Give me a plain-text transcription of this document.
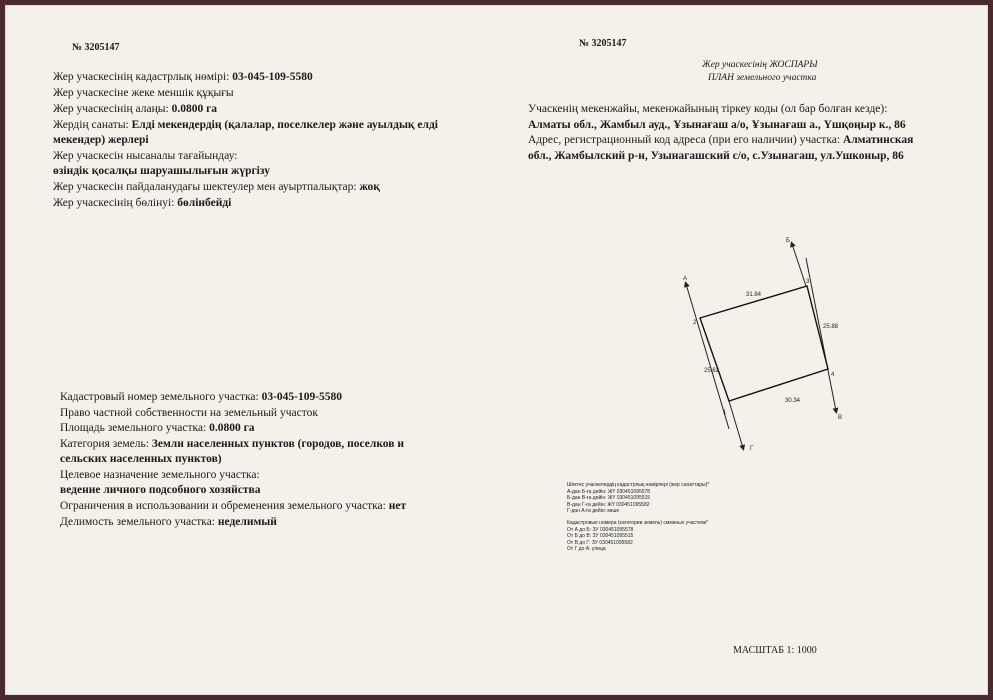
№ 3205147
Жер учаскесінің кадастрлық нөмірі: 03-045-109-5580
Жер учаскесіне жеке меншік құқығы
Жер учаскесінің алаңы: 0.0800 га
Жердің санаты: Елді мекендердің (қалалар, поселкелер және ауылдық елді
мекендер) жерлері
Жер учаскесін нысаналы тағайындау:
өзіндік қосалқы шаруашылығын жүргізу
Жер учаскесін пайдаланудағы шектеулер мен ауыртпалықтар: жоқ
Жер учаскесінің бөлінуі: бөлінбейді
Кадастровый номер земельного участка: 03-045-109-5580
Право частной собственности на земельный участок
Площадь земельного участка: 0.0800 га
Категория земель: Земли населенных пунктов (городов, поселков и
сельских населенных пунктов)
Целевое назначение земельного участка:
ведение личного подсобного хозяйства
Ограничения в использовании и обременения земельного участка: нет
Делимость земельного участка: неделимый
№ 3205147
Жер учаскесінің ЖОСПАРЫ
ПЛАН земельного участка
Учаскенің мекенжайы, мекенжайының тіркеу коды (ол бар болған кезде):
Алматы обл., Жамбыл ауд., Ұзынағаш а/о, Ұзынағаш а., Үшқоңыр к., 86
Адрес, регистрационный код адреса (при его наличии) участка: Алматинская
обл., Жамбылский р-н, Узынагашский с/о, с.Узынагаш, ул.Ушконыр, 86
А
Б
В
Г
1
2
3
4
31.84
25.88
30.34
25.62
Шектес учаскелердің кадастрлық нөмірлері (жер санаттары)*
А-дан Б-ға дейін: ЖҮ 030451095578
Б-дан В-ға дейін: ЖҮ 030451095515
В-дан Г-ға дейін: ЖҮ 030451095582
Г-дан А-ға дейін: көше
Кадастровые номера (категории земель) смежных участков*
От А до Б: ЗУ 030451095578
От Б до В: ЗУ 030451095515
От В до Г: ЗУ 030451095582
От Г до А: улица
МАСШТАБ 1: 1000
